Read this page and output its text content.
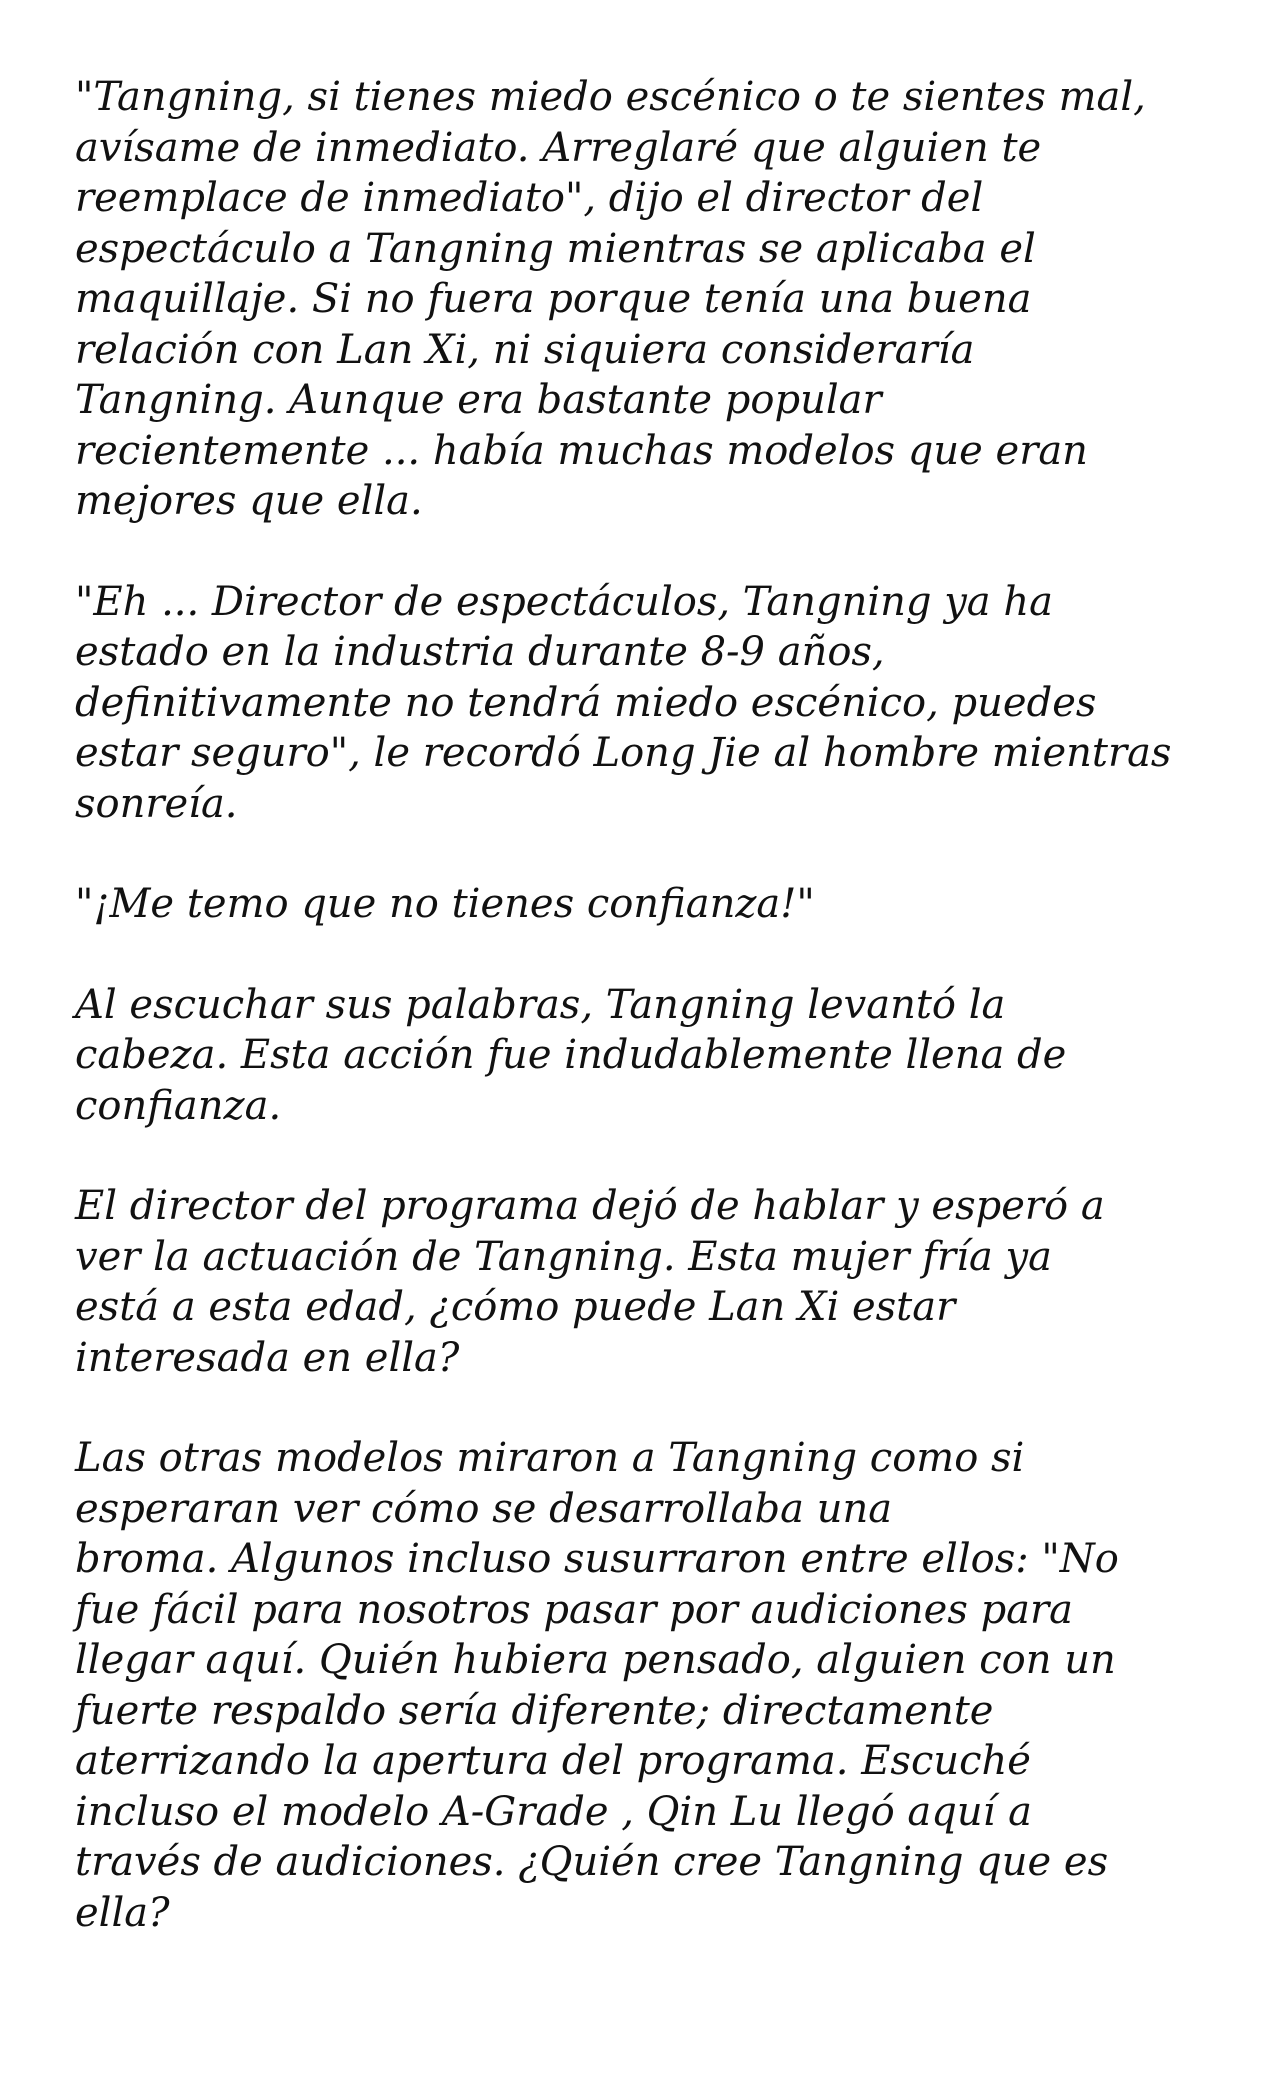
"Tangning, si tienes miedo escénico o te sientes mal,
avísame de inmediato. Arreglaré que alguien te
reemplace de inmediato", dijo el director del
espectáculo a Tangning mientras se aplicaba el
maquillaje. Si no fuera porque tenía una buena
relación con Lan Xi, ni siquiera consideraría
Tangning. Aunque era bastante popular
recientemente ... había muchas modelos que eran
mejores que ella.

"Eh ... Director de espectáculos, Tangning ya ha
estado en la industria durante 8-9 años,
definitivamente no tendrá miedo escénico, puedes
estar seguro", le recordó Long Jie al hombre mientras
sonreía.

"¡Me temo que no tienes confianza!"

Al escuchar sus palabras, Tangning levantó la
cabeza. Esta acción fue indudablemente llena de
confianza.

El director del programa dejó de hablar y esperó a
ver la actuación de Tangning. Esta mujer fría ya
está a esta edad, ¿cómo puede Lan Xi estar
interesada en ella?

Las otras modelos miraron a Tangning como si
esperaran ver cómo se desarrollaba una
broma. Algunos incluso susurraron entre ellos: "No
fue fácil para nosotros pasar por audiciones para
llegar aquí. Quién hubiera pensado, alguien con un
fuerte respaldo sería diferente; directamente
aterrizando la apertura del programa. Escuché
incluso el modelo A-Grade , Qin Lu llegó aquí a
través de audiciones. ¿Quién cree Tangning que es
ella?
